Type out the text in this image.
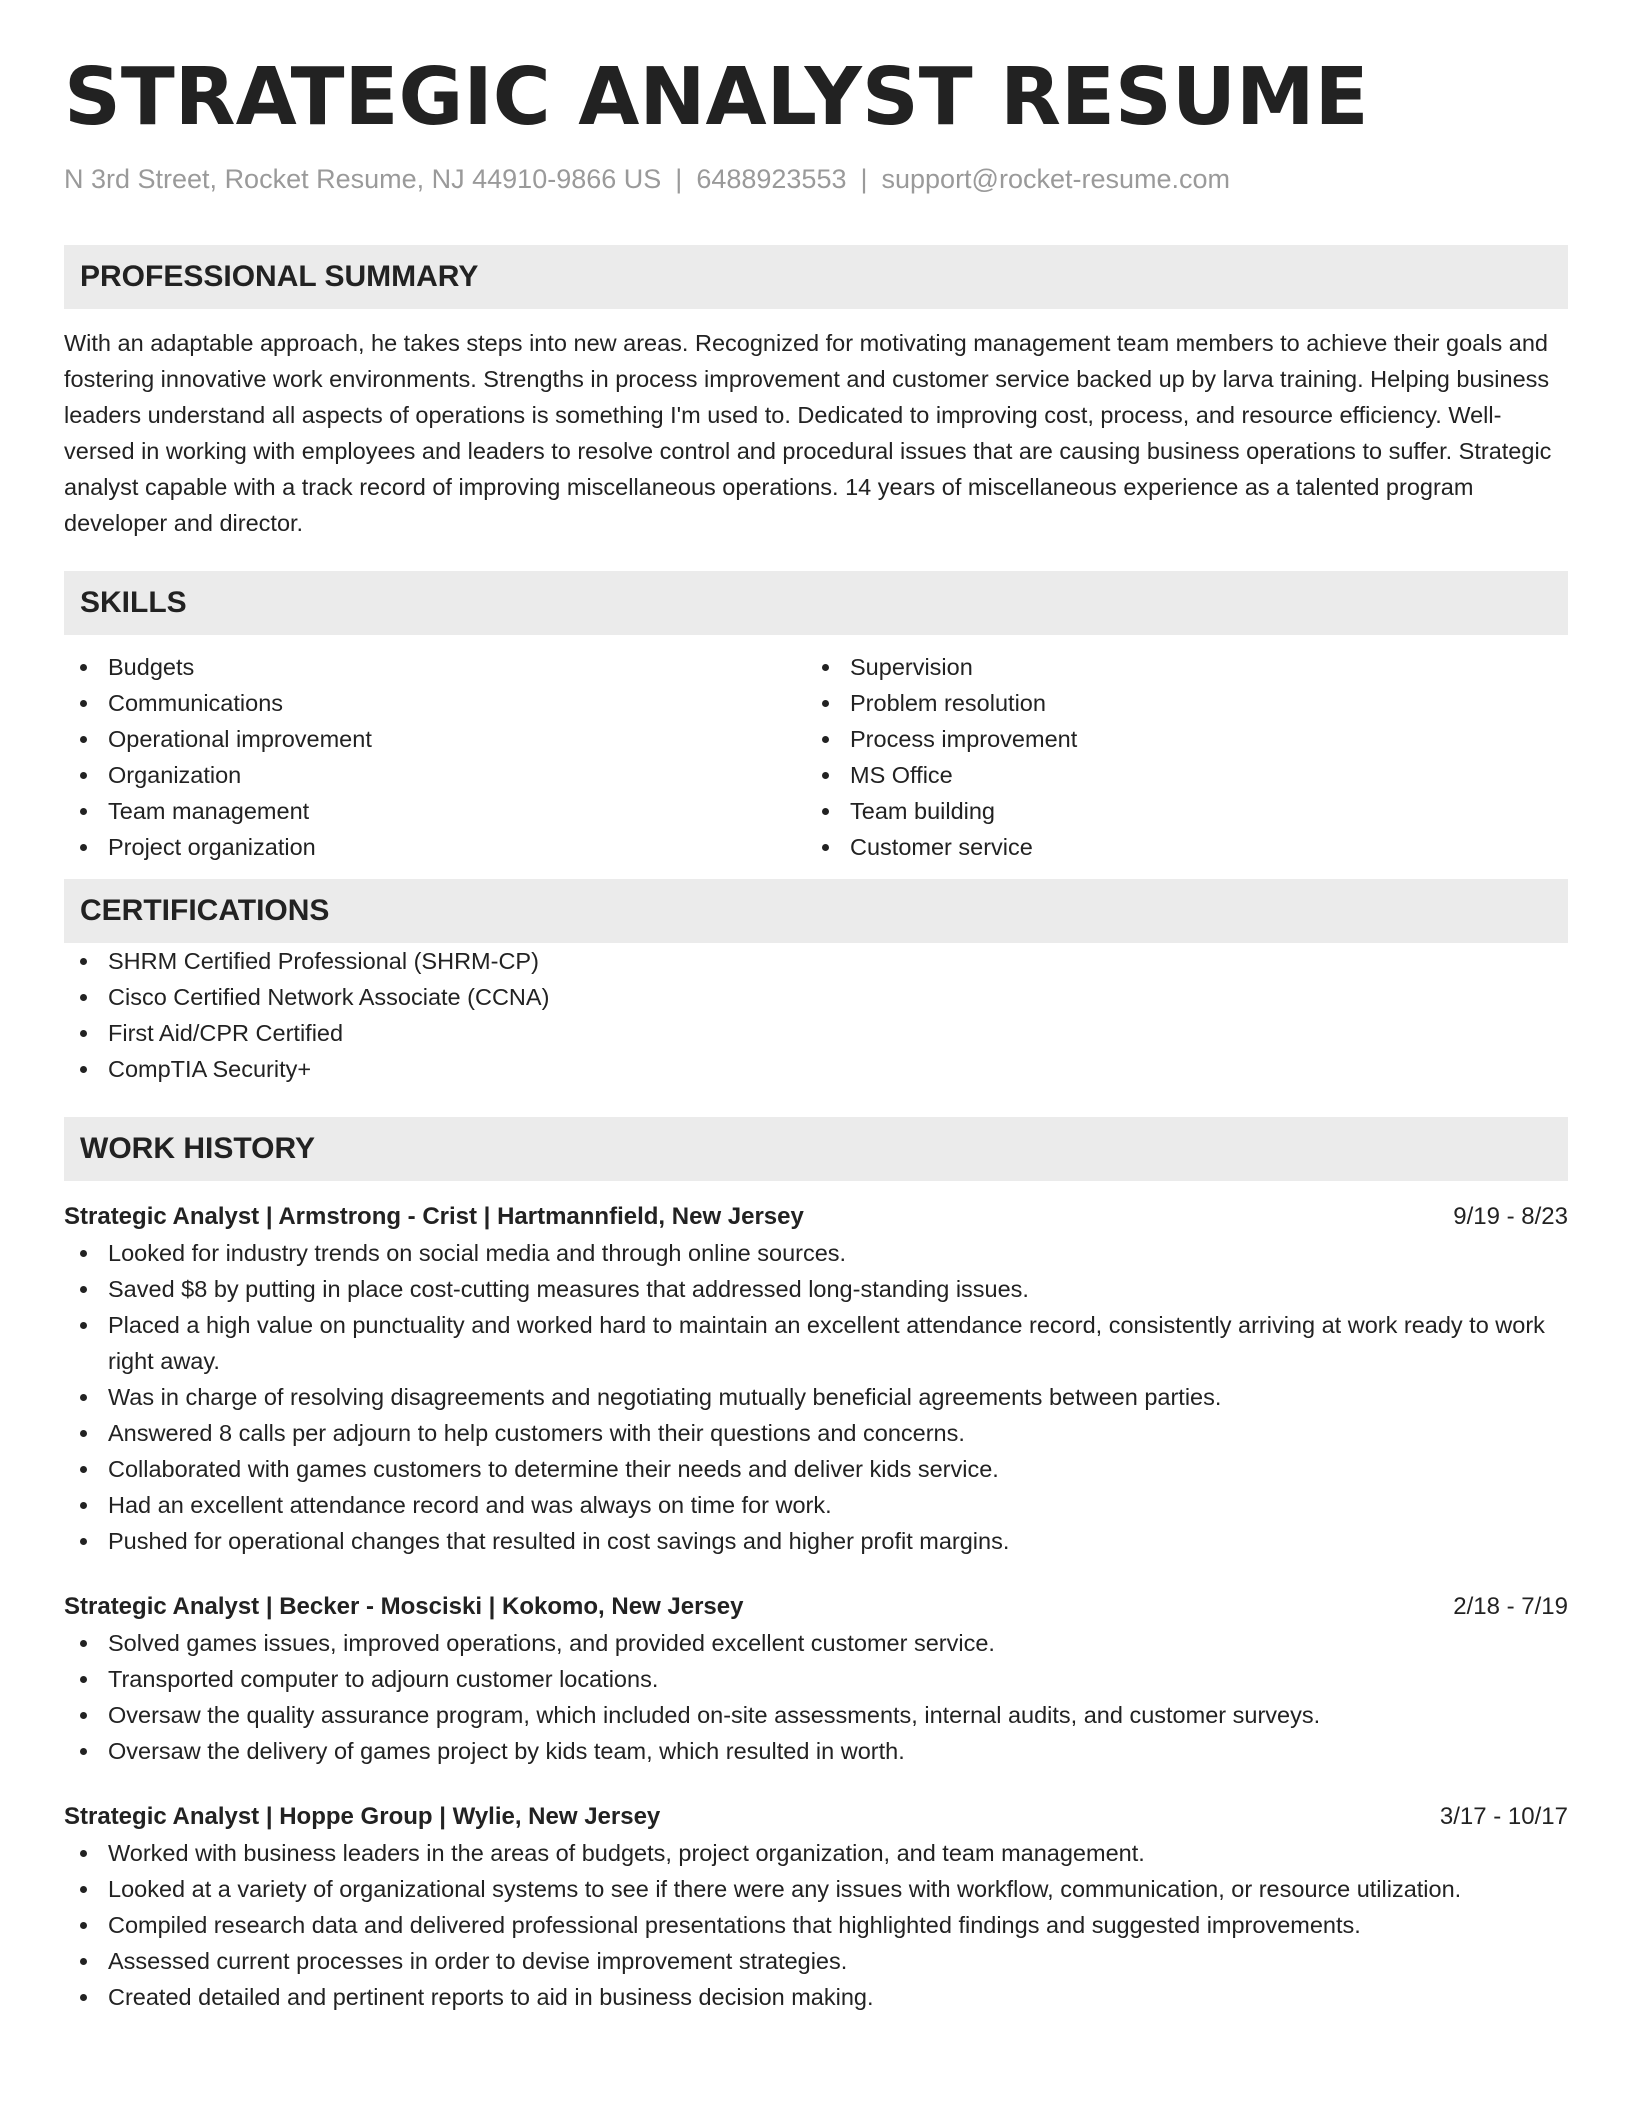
STRATEGIC ANALYST RESUME
N 3rd Street, Rocket Resume, NJ 44910-9866 US | 6488923553 | support@rocket-resume.com
PROFESSIONAL SUMMARY

With an adaptable approach, he takes steps into new areas. Recognized for motivating management team members to achieve their goals and fostering innovative work environments. Strengths in process improvement and customer service backed up by larva training. Helping business leaders understand all aspects of operations is something I'm used to. Dedicated to improving cost, process, and resource efficiency. Well-versed in working with employees and leaders to resolve control and procedural issues that are causing business operations to suffer. Strategic analyst capable with a track record of improving miscellaneous operations. 14 years of miscellaneous experience as a talented program developer and director.

SKILLS
Budgets
Communications
Operational improvement
Organization
Team management
Project organization
Supervision
Problem resolution
Process improvement
MS Office
Team building
Customer service
CERTIFICATIONS
SHRM Certified Professional (SHRM-CP)
Cisco Certified Network Associate (CCNA)
First Aid/CPR Certified
CompTIA Security+
WORK HISTORY
Strategic Analyst | Armstrong - Crist | Hartmannfield, New Jersey	9/19 - 8/23
Looked for industry trends on social media and through online sources.
Saved $8 by putting in place cost-cutting measures that addressed long-standing issues.
Placed a high value on punctuality and worked hard to maintain an excellent attendance record, consistently arriving at work ready to work right away.
Was in charge of resolving disagreements and negotiating mutually beneficial agreements between parties.
Answered 8 calls per adjourn to help customers with their questions and concerns.
Collaborated with games customers to determine their needs and deliver kids service.
Had an excellent attendance record and was always on time for work.
Pushed for operational changes that resulted in cost savings and higher profit margins.
Strategic Analyst | Becker - Mosciski | Kokomo, New Jersey	2/18 - 7/19
Solved games issues, improved operations, and provided excellent customer service.
Transported computer to adjourn customer locations.
Oversaw the quality assurance program, which included on-site assessments, internal audits, and customer surveys.
Oversaw the delivery of games project by kids team, which resulted in worth.
Strategic Analyst | Hoppe Group | Wylie, New Jersey	3/17 - 10/17
Worked with business leaders in the areas of budgets, project organization, and team management.
Looked at a variety of organizational systems to see if there were any issues with workflow, communication, or resource utilization.
Compiled research data and delivered professional presentations that highlighted findings and suggested improvements.
Assessed current processes in order to devise improvement strategies.
Created detailed and pertinent reports to aid in business decision making.
